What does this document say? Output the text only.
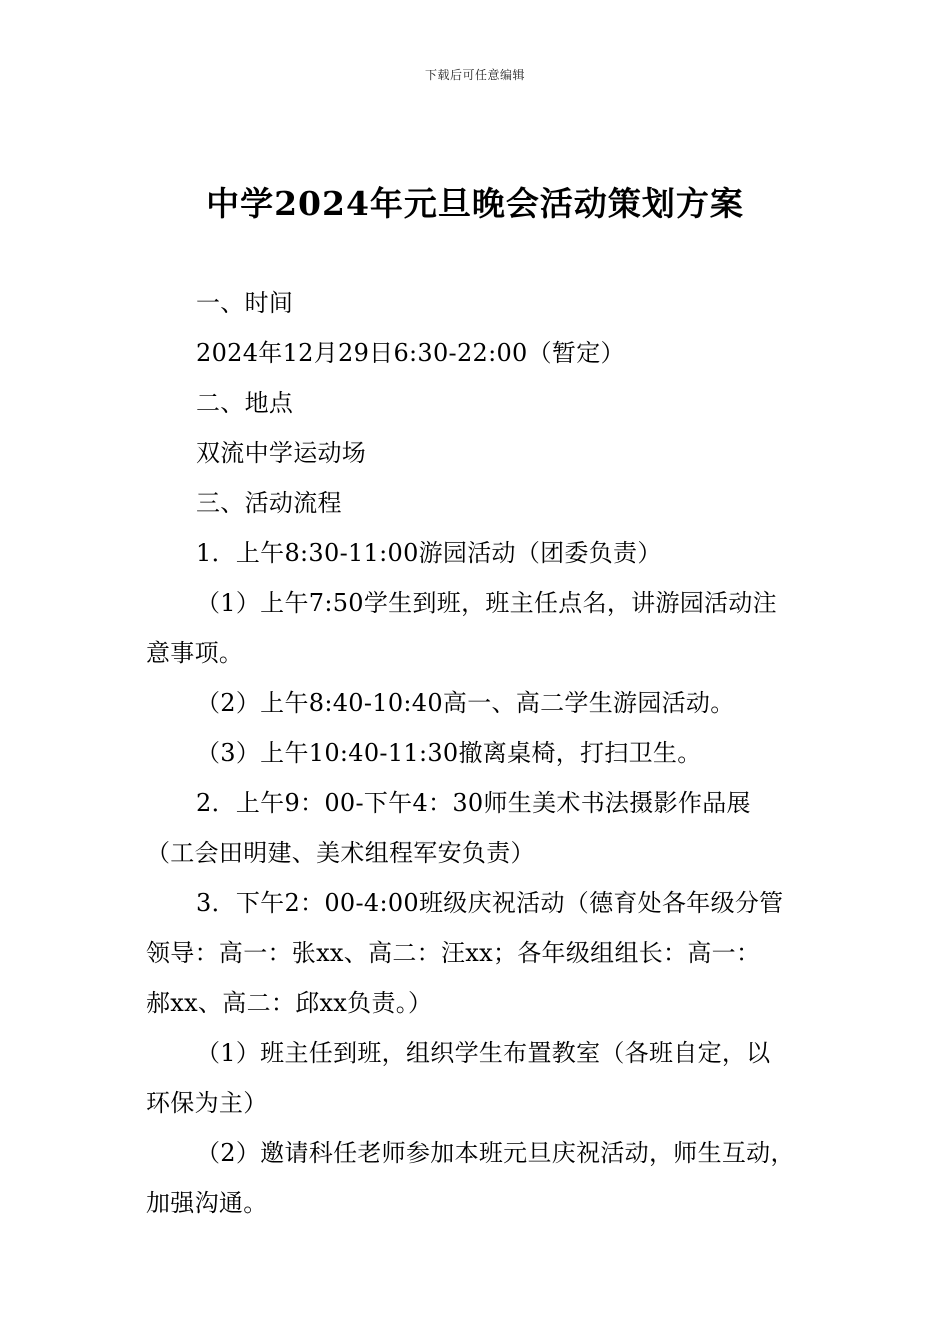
下载后可任意编辑
中学2024年元旦晚会活动策划方案
一、时间
2024年12月29日6:30-22:00（暂定）
二、地点
双流中学运动场
三、活动流程
1．上午8:30-11:00游园活动（团委负责）
（1）上午7:50学生到班，班主任点名，讲游园活动注
意事项。
（2）上午8:40-10:40高一、高二学生游园活动。
（3）上午10:40-11:30撤离桌椅，打扫卫生。
2．上午9：00-下午4：30师生美术书法摄影作品展
（工会田明建、美术组程军安负责）
3．下午2：00-4:00班级庆祝活动（德育处各年级分管
领导：高一：张xx、高二：汪xx；各年级组组长：高一：
郝xx、高二：邱xx负责。）
（1）班主任到班，组织学生布置教室（各班自定，以
环保为主）
（2）邀请科任老师参加本班元旦庆祝活动，师生互动，
加强沟通。
